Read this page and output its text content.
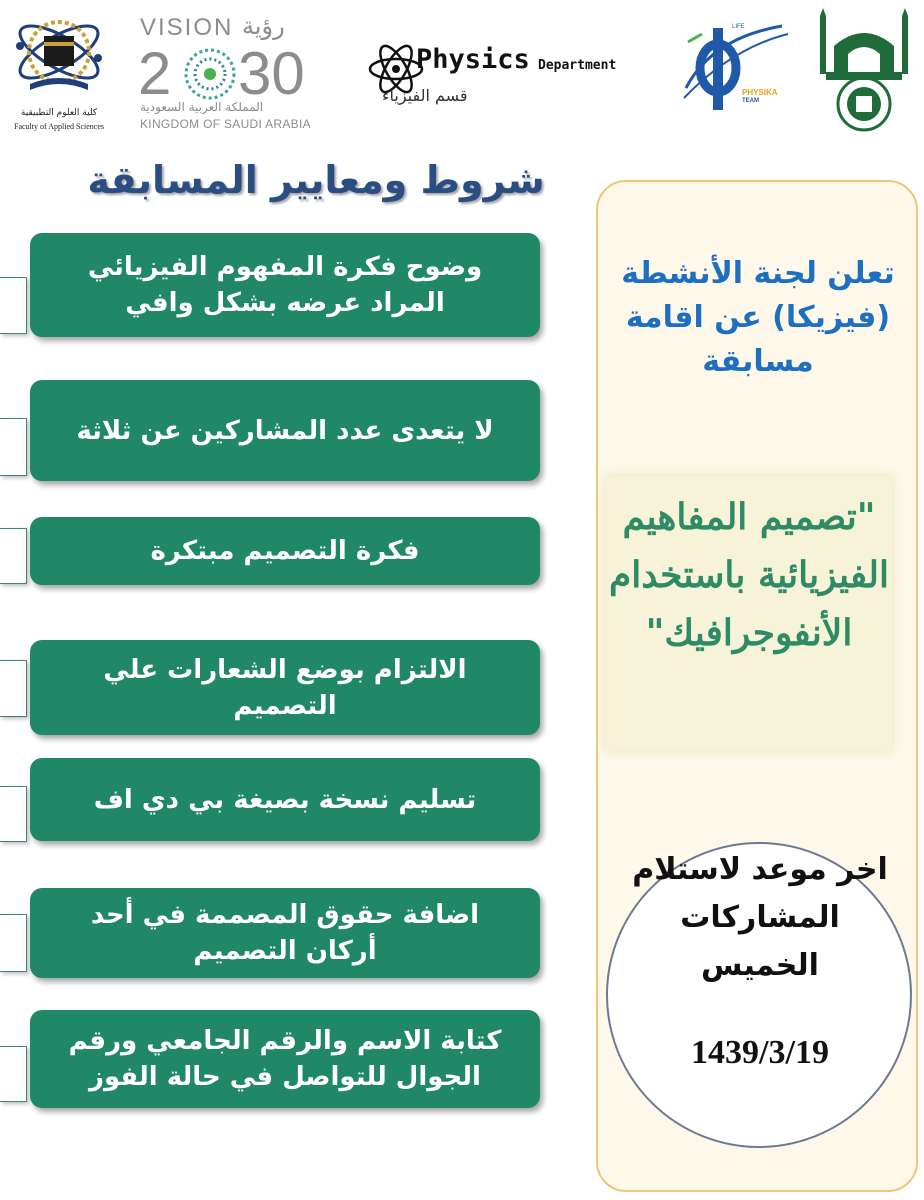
كلية العلوم التطبيقية
Faculty of Applied Sciences
VISION رؤية
2 30
المملكة العربية السعودية
KINGDOM OF SAUDI ARABIA
Physics Department
قسم الفيزياء
LIFE
PHYSIKA
TEAM
شروط ومعايير المسابقة
وضوح فكرة المفهوم الفيزيائي المراد عرضه بشكل وافي
لا يتعدى عدد المشاركين عن ثلاثة
فكرة التصميم مبتكرة
الالتزام بوضع الشعارات علي التصميم
تسليم نسخة بصيغة بي دي اف
اضافة حقوق المصممة في أحد أركان التصميم
كتابة الاسم والرقم الجامعي ورقم الجوال للتواصل في حالة الفوز
تعلن لجنة الأنشطة (فيزيكا) عن اقامة مسابقة
"تصميم المفاهيم الفيزيائية باستخدام الأنفوجرافيك"
اخر موعد لاستلام المشاركات الخميس
1439/3/19
